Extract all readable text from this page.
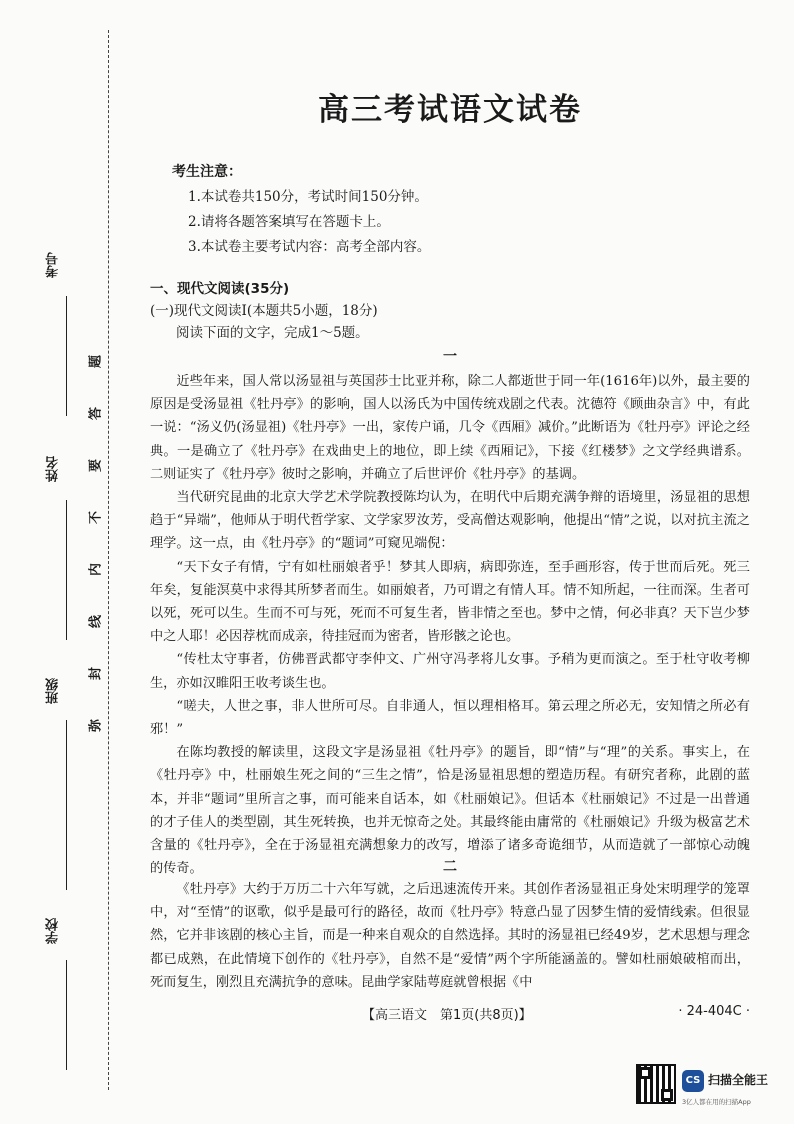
考号
姓名
班级
学校
题
答
要
不
内
线
封
弥
高三考试语文试卷
考生注意：
1.本试卷共150分，考试时间150分钟。
2.请将各题答案填写在答题卡上。
3.本试卷主要考试内容：高考全部内容。
一、现代文阅读(35分)
(一)现代文阅读Ⅰ(本题共5小题，18分)
阅读下面的文字，完成1～5题。
一

近些年来，国人常以汤显祖与英国莎士比亚并称，除二人都逝世于同一年(1616年)以外，最主要的原因是受汤显祖《牡丹亭》的影响，国人以汤氏为中国传统戏剧之代表。沈德符《顾曲杂言》中，有此一说：“汤义仍(汤显祖)《牡丹亭》一出，家传户诵，几令《西厢》减价。”此断语为《牡丹亭》评论之经典。一是确立了《牡丹亭》在戏曲史上的地位，即上续《西厢记》，下接《红楼梦》之文学经典谱系。二则证实了《牡丹亭》彼时之影响，并确立了后世评价《牡丹亭》的基调。

当代研究昆曲的北京大学艺术学院教授陈均认为，在明代中后期充满争辩的语境里，汤显祖的思想趋于“异端”，他师从于明代哲学家、文学家罗汝芳，受高僧达观影响，他提出“情”之说，以对抗主流之理学。这一点，由《牡丹亭》的“题词”可窥见端倪：

“天下女子有情，宁有如杜丽娘者乎！梦其人即病，病即弥连，至手画形容，传于世而后死。死三年矣，复能溟莫中求得其所梦者而生。如丽娘者，乃可谓之有情人耳。情不知所起，一往而深。生者可以死，死可以生。生而不可与死，死而不可复生者，皆非情之至也。梦中之情，何必非真？天下岂少梦中之人耶！必因荐枕而成亲，待挂冠而为密者，皆形骸之论也。

“传杜太守事者，仿佛晋武都守李仲文、广州守冯孝将儿女事。予稍为更而演之。至于杜守收考柳生，亦如汉睢阳王收考谈生也。

“嗟夫，人世之事，非人世所可尽。自非通人，恒以理相格耳。第云理之所必无，安知情之所必有邪！”

在陈均教授的解读里，这段文字是汤显祖《牡丹亭》的题旨，即“情”与“理”的关系。事实上，在《牡丹亭》中，杜丽娘生死之间的“三生之情”，恰是汤显祖思想的塑造历程。有研究者称，此剧的蓝本，并非“题词”里所言之事，而可能来自话本，如《杜丽娘记》。但话本《杜丽娘记》不过是一出普通的才子佳人的类型剧，其生死转换，也并无惊奇之处。其最终能由庸常的《杜丽娘记》升级为极富艺术含量的《牡丹亭》，全在于汤显祖充满想象力的改写，增添了诸多奇诡细节，从而造就了一部惊心动魄的传奇。	二

《牡丹亭》大约于万历二十六年写就，之后迅速流传开来。其创作者汤显祖正身处宋明理学的笼罩中，对“至情”的讴歌，似乎是最可行的路径，故而《牡丹亭》特意凸显了因梦生情的爱情线索。但很显然，它并非该剧的核心主旨，而是一种来自观众的自然选择。其时的汤显祖已经49岁，艺术思想与理念都已成熟，在此情境下创作的《牡丹亭》，自然不是“爱情”两个字所能涵盖的。譬如杜丽娘破棺而出，死而复生，刚烈且充满抗争的意味。昆曲学家陆萼庭就曾根据《中

【高三语文　第1页(共8页)】	· 24-404C ·
CS 扫描全能王
3亿人都在用的扫描App
